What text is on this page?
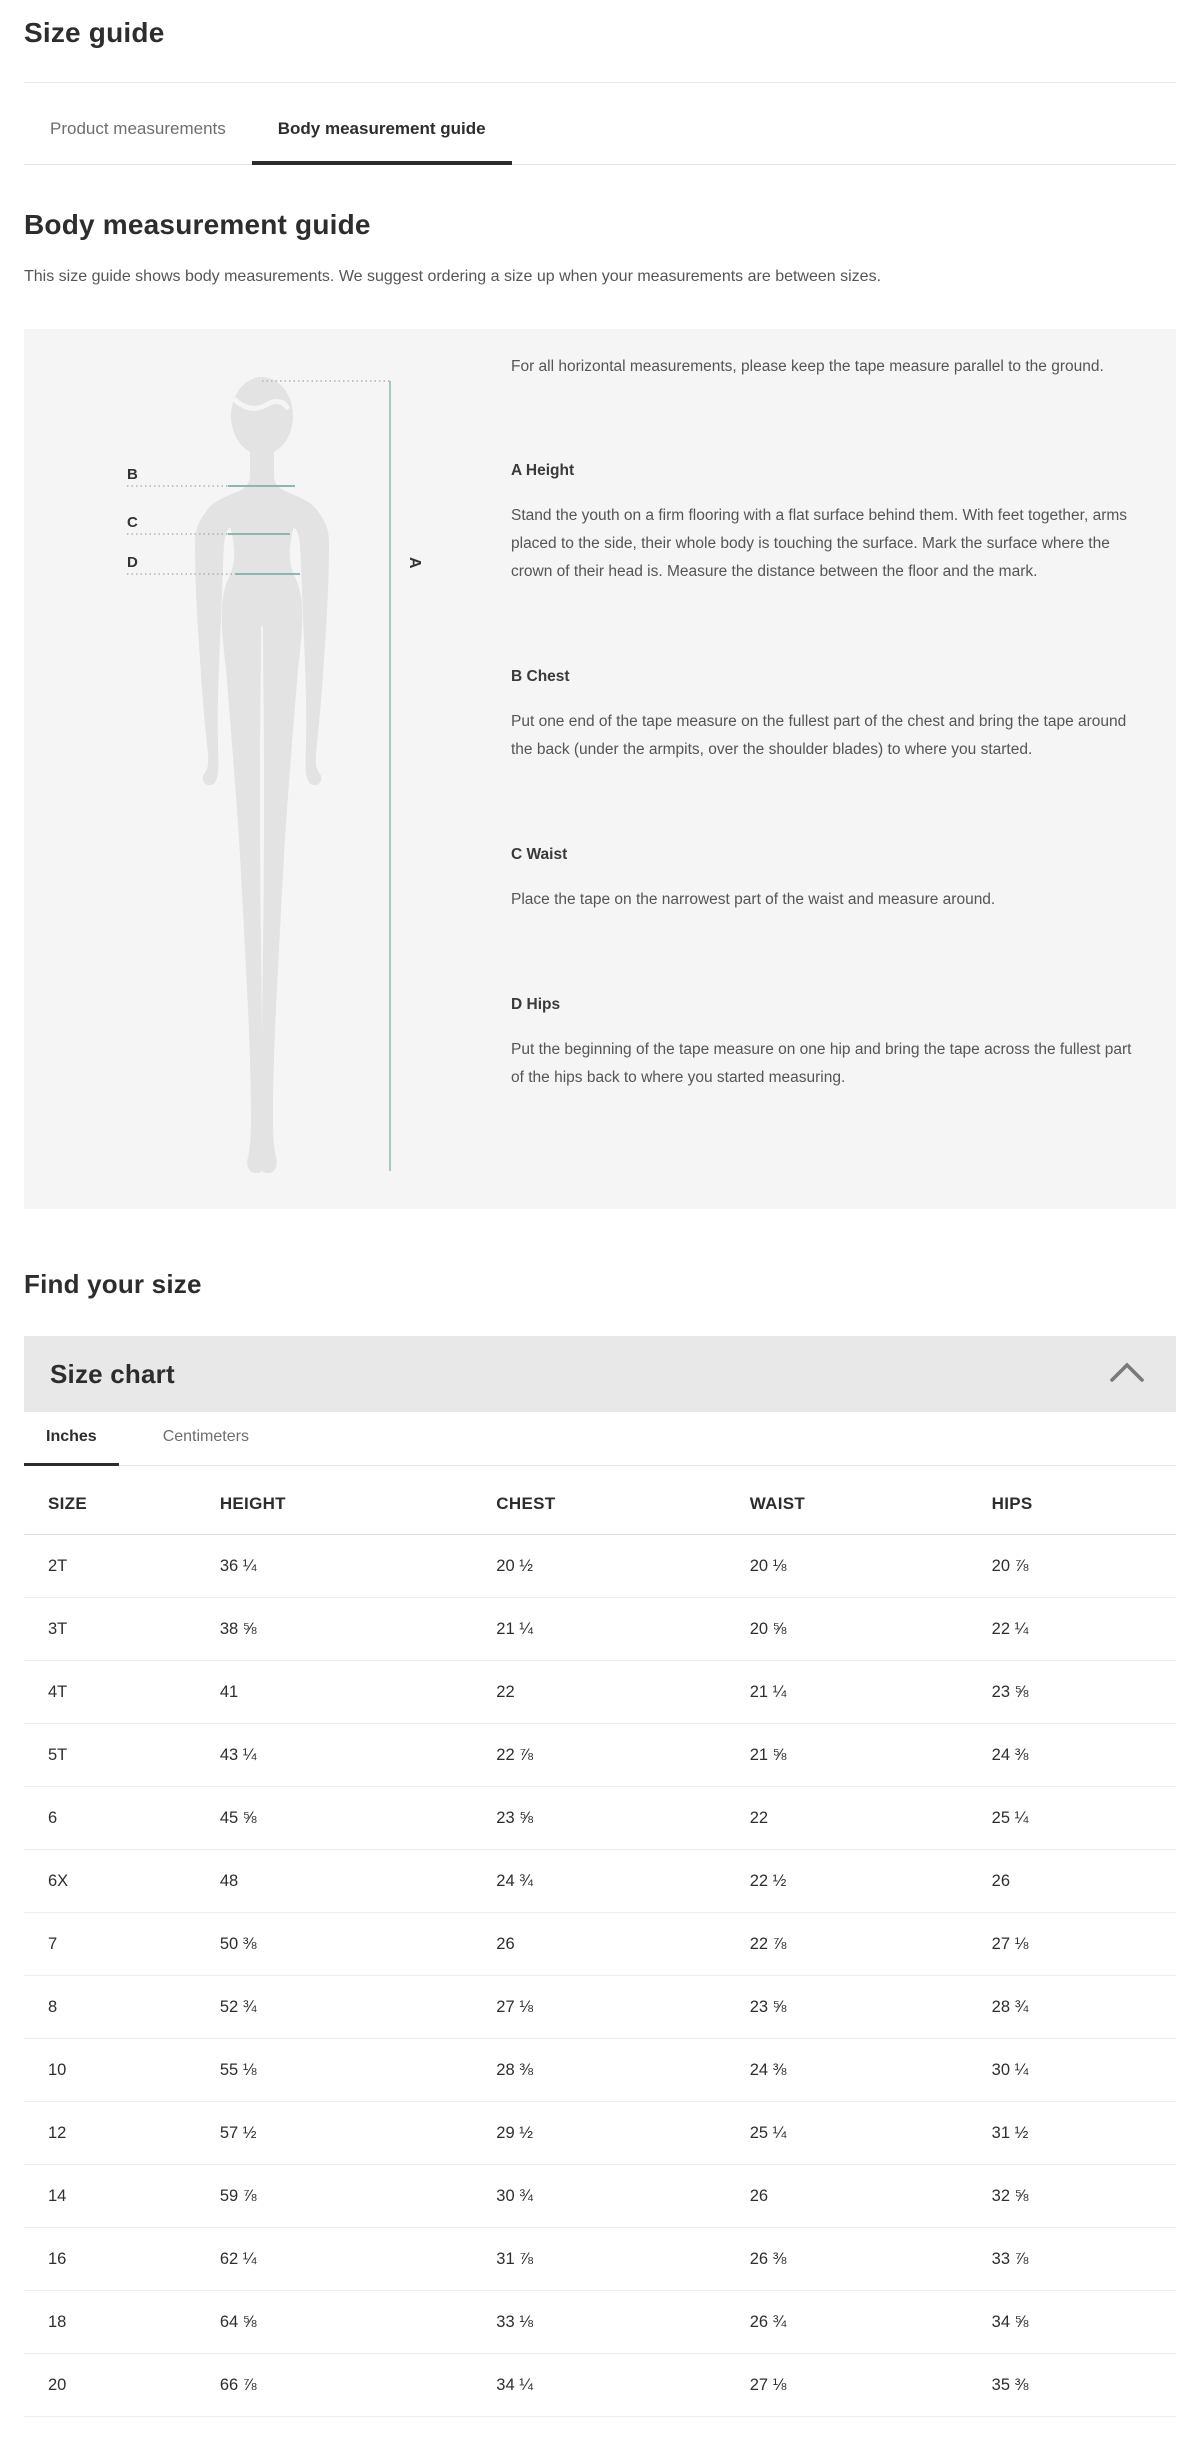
Size guide
Product measurements	Body measurement guide
Body measurement guide

This size guide shows body measurements. We suggest ordering a size up when your measurements are between sizes.

A
B
C
D

For all horizontal measurements, please keep the tape measure parallel to the ground.

A Height

Stand the youth on a firm flooring with a flat surface behind them. With feet together, arms placed to the side, their whole body is touching the surface. Mark the surface where the crown of their head is. Measure the distance between the floor and the mark.

B Chest

Put one end of the tape measure on the fullest part of the chest and bring the tape around the back (under the armpits, over the shoulder blades) to where you started.

C Waist

Place the tape on the narrowest part of the waist and measure around.

D Hips

Put the beginning of the tape measure on one hip and bring the tape across the fullest part of the hips back to where you started measuring.

Find your size
Size chart
Inches	Centimeters
SIZE	HEIGHT	CHEST	WAIST	HIPS
2T	36 ¼	20 ½	20 ⅛	20 ⅞
3T	38 ⅝	21 ¼	20 ⅝	22 ¼
4T	41	22	21 ¼	23 ⅝
5T	43 ¼	22 ⅞	21 ⅝	24 ⅜
6	45 ⅝	23 ⅝	22	25 ¼
6X	48	24 ¾	22 ½	26
7	50 ⅜	26	22 ⅞	27 ⅛
8	52 ¾	27 ⅛	23 ⅝	28 ¾
10	55 ⅛	28 ⅜	24 ⅜	30 ¼
12	57 ½	29 ½	25 ¼	31 ½
14	59 ⅞	30 ¾	26	32 ⅝
16	62 ¼	31 ⅞	26 ⅜	33 ⅞
18	64 ⅝	33 ⅛	26 ¾	34 ⅝
20	66 ⅞	34 ¼	27 ⅛	35 ⅜
